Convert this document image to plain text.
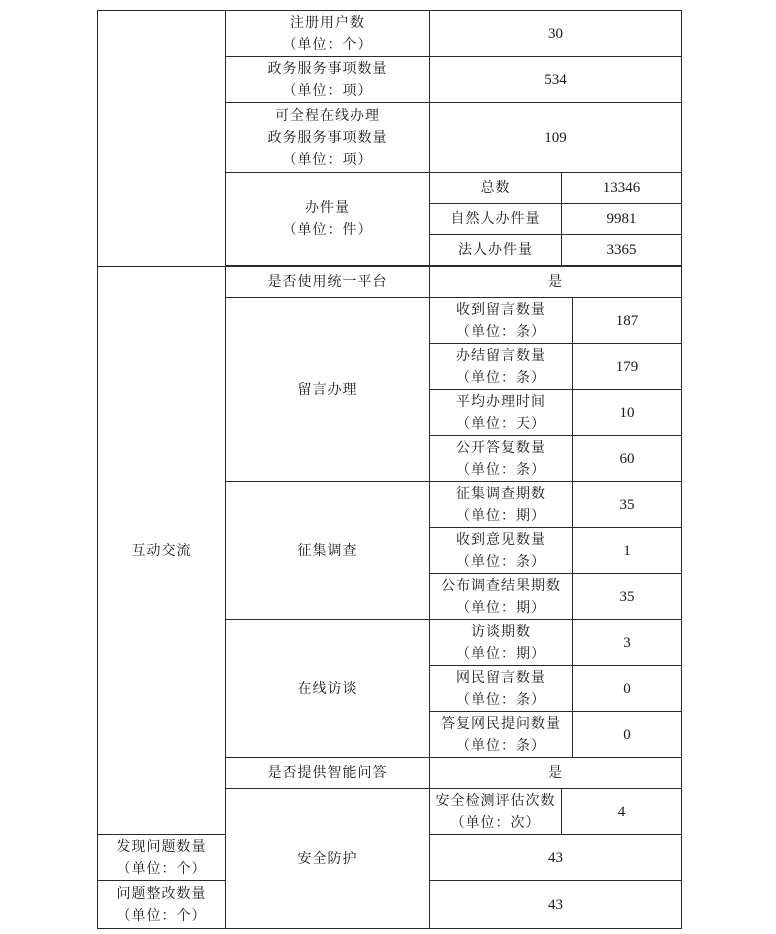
	注册用户数
（单位：个）	30		
	政务服务事项数量
（单位：项）	534		

	可全程在线办理
政务服务事项数量
（单位：项）	109		
	办件量
（单位：件）	总数	13346	
		自然人办件量	9981	
		法人办件量	3365	

互动交流	是否使用统一平台	是		
	留言办理	收到留言数量
（单位：条）		187
		办结留言数量
（单位：条）		179
		平均办理时间
（单位：天）		10
		公开答复数量
（单位：条）		60
	征集调查	征集调查期数
（单位：期）		35
		收到意见数量
（单位：条）		1
		公布调查结果期数
（单位：期）		35
	在线访谈	访谈期数
（单位：期）		3
		网民留言数量
（单位：条）		0
		答复网民提问数量
（单位：条）		0
	是否提供智能问答	是		
	安全防护	安全检测评估次数
（单位：次）	4	
发现问题数量
（单位：个）		43		
问题整改数量
（单位：个）		43		
